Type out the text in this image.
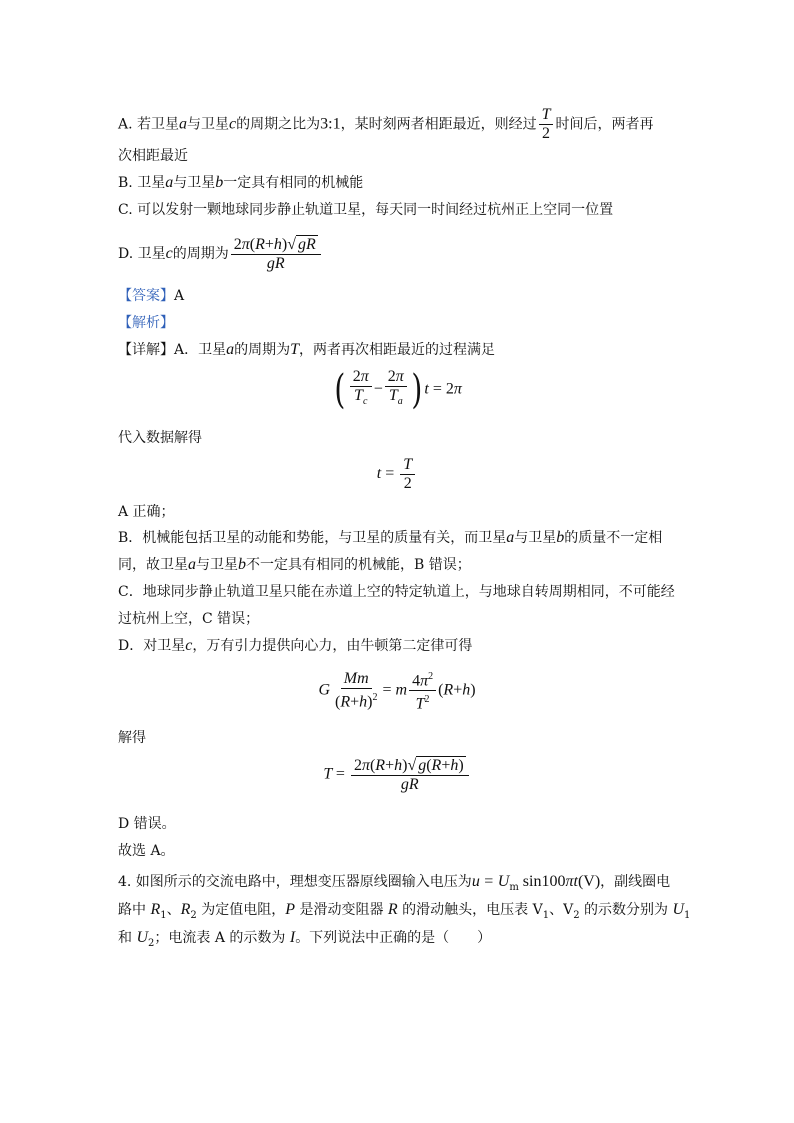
A. 若卫星a与卫星c的周期之比为3:1，某时刻两者相距最近，则经过 $\frac{T}{2}$ 时间后，两者再
次相距最近
B. 卫星a与卫星b一定具有相同的机械能
C. 可以发射一颗地球同步静止轨道卫星，每天同一时间经过杭州正上空同一位置
D. 卫星c的周期为 $\frac{2\pi(R+h)√ gR}{gR}$
【答案】A
【解析】
【详解】A．卫星a的周期为T，两者再次相距最近的过程满足
( $\frac{2\pi}{T_c} - \frac{2\pi}{T_a}$ ) t = 2π
代入数据解得
$t = \frac{T}{2}$
A 正确；
B．机械能包括卫星的动能和势能，与卫星的质量有关，而卫星a与卫星b的质量不一定相
同，故卫星a与卫星b不一定具有相同的机械能，B 错误；
C．地球同步静止轨道卫星只能在赤道上空的特定轨道上，与地球自转周期相同，不可能经
过杭州上空，C 错误；
D．对卫星c，万有引力提供向心力，由牛顿第二定律可得
G $\frac{Mm}{(R+h)^2} = m \frac{4\pi^2}{T^2} (R+h)$
解得
$T = \frac{2\pi(R+h)√ g(R+h)}{gR}$
D 错误。
故选 A。
4. 如图所示的交流电路中，理想变压器原线圈输入电压为$u = U_m$ sin100πt(V)，副线圈电
路中 $R_1$、$R_2$ 为定值电阻，P 是滑动变阻器 R 的滑动触头，电压表 $V_1$、$V_2$ 的示数分别为 $U_1$
和 $U_2$；电流表 A 的示数为 I。下列说法中正确的是（　　）
